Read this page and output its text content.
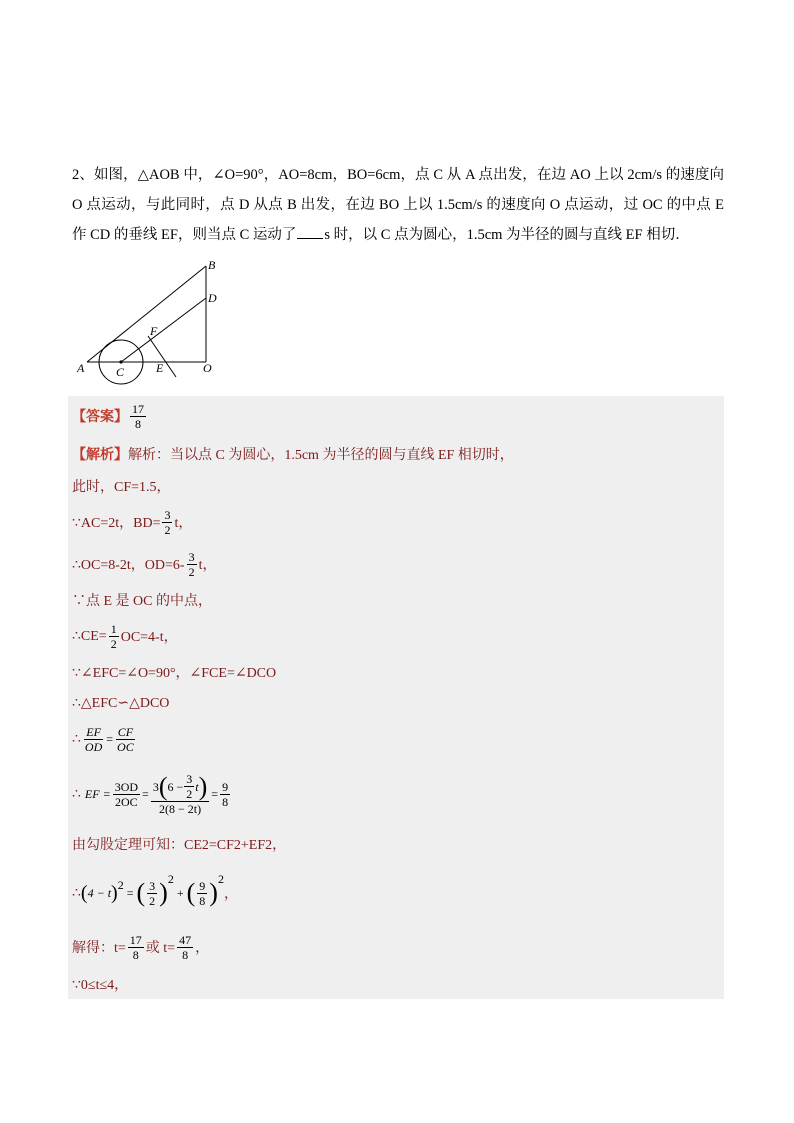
2、如图，△AOB 中，∠O=90°，AO=8cm，BO=6cm，点 C 从 A 点出发，在边 AO 上以 2cm/s 的速度向 O 点运动，与此同时，点 D 从点 B 出发，在边 BO 上以 1.5cm/s 的速度向 O 点运动，过 OC 的中点 E 作 CD 的垂线 EF，则当点 C 运动了 s 时，以 C 点为圆心，1.5cm 为半径的圆与直线 EF 相切．
A
B
C
D
E
F
O
【答案】 $\frac{17}{8}$
【解析】 解析：当以点 C 为圆心，1.5cm 为半径的圆与直线 EF 相切时，
此时，CF=1.5，
∵AC=2t，$BD= \frac{3}{2}$ t，
∴OC=8-2t，$OD=6- \frac{3}{2}$ t，
∵点 E 是 OC 的中点，
∴CE= $\frac{1}{2} OC=4-t$，
∵∠EFC=∠O=90°，∠FCE=∠DCO
∴△EFC∽△DCO
∴ $\frac{EF}{OD} = \frac{CF}{OC}$
∴ EF = $\frac{3OD}{2OC} = \frac{3 ( 6 - \frac{3}{2} t )}{2(8 - 2t)} = \frac{9}{8}$
由勾股定理可知：CE2=CF2+EF2，
∴ ( 4 − t ) 2
= ( $\frac{3}{2}$ ) 2
+ ( $\frac{9}{8}$ ) 2
，
解得：$t= \frac{17}{8}$ 或 $t= \frac{47}{8}$ ，
∵0≤t≤4，
